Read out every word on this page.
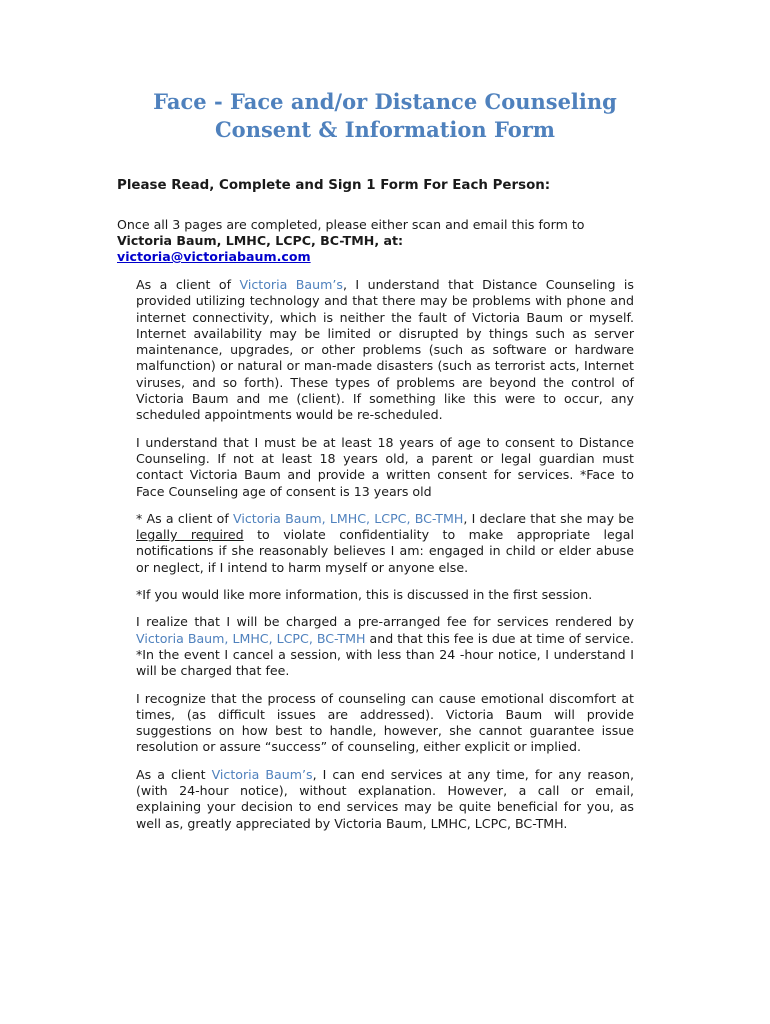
Face - Face and/or Distance Counseling
Consent & Information Form
Please Read, Complete and Sign 1 Form For Each Person:
Once all 3 pages are completed, please either scan and email this form to Victoria Baum, LMHC, LCPC, BC-TMH, at:
victoria@victoriabaum.com

As a client of Victoria Baum’s, I understand that Distance Counseling is provided utilizing technology and that there may be problems with phone and internet connectivity, which is neither the fault of Victoria Baum or myself. Internet availability may be limited or disrupted by things such as server maintenance, upgrades, or other problems (such as software or hardware malfunction) or natural or man-made disasters (such as terrorist acts, Internet viruses, and so forth). These types of problems are beyond the control of Victoria Baum and me (client). If something like this were to occur, any scheduled appointments would be re-scheduled.

I understand that I must be at least 18 years of age to consent to Distance Counseling. If not at least 18 years old, a parent or legal guardian must contact Victoria Baum and provide a written consent for services. *Face to Face Counseling age of consent is 13 years old

* As a client of Victoria Baum, LMHC, LCPC, BC-TMH, I declare that she may be legally required to violate confidentiality to make appropriate legal notifications if she reasonably believes I am: engaged in child or elder abuse or neglect, if I intend to harm myself or anyone else.

*If you would like more information, this is discussed in the first session.

I realize that I will be charged a pre-arranged fee for services rendered by Victoria Baum, LMHC, LCPC, BC-TMH and that this fee is due at time of service. *In the event I cancel a session, with less than 24 -hour notice, I understand I will be charged that fee.

I recognize that the process of counseling can cause emotional discomfort at times, (as difficult issues are addressed). Victoria Baum will provide suggestions on how best to handle, however, she cannot guarantee issue resolution or assure “success” of counseling, either explicit or implied.

As a client Victoria Baum’s, I can end services at any time, for any reason, (with 24-hour notice), without explanation. However, a call or email, explaining your decision to end services may be quite beneficial for you, as well as, greatly appreciated by Victoria Baum, LMHC, LCPC, BC-TMH.
